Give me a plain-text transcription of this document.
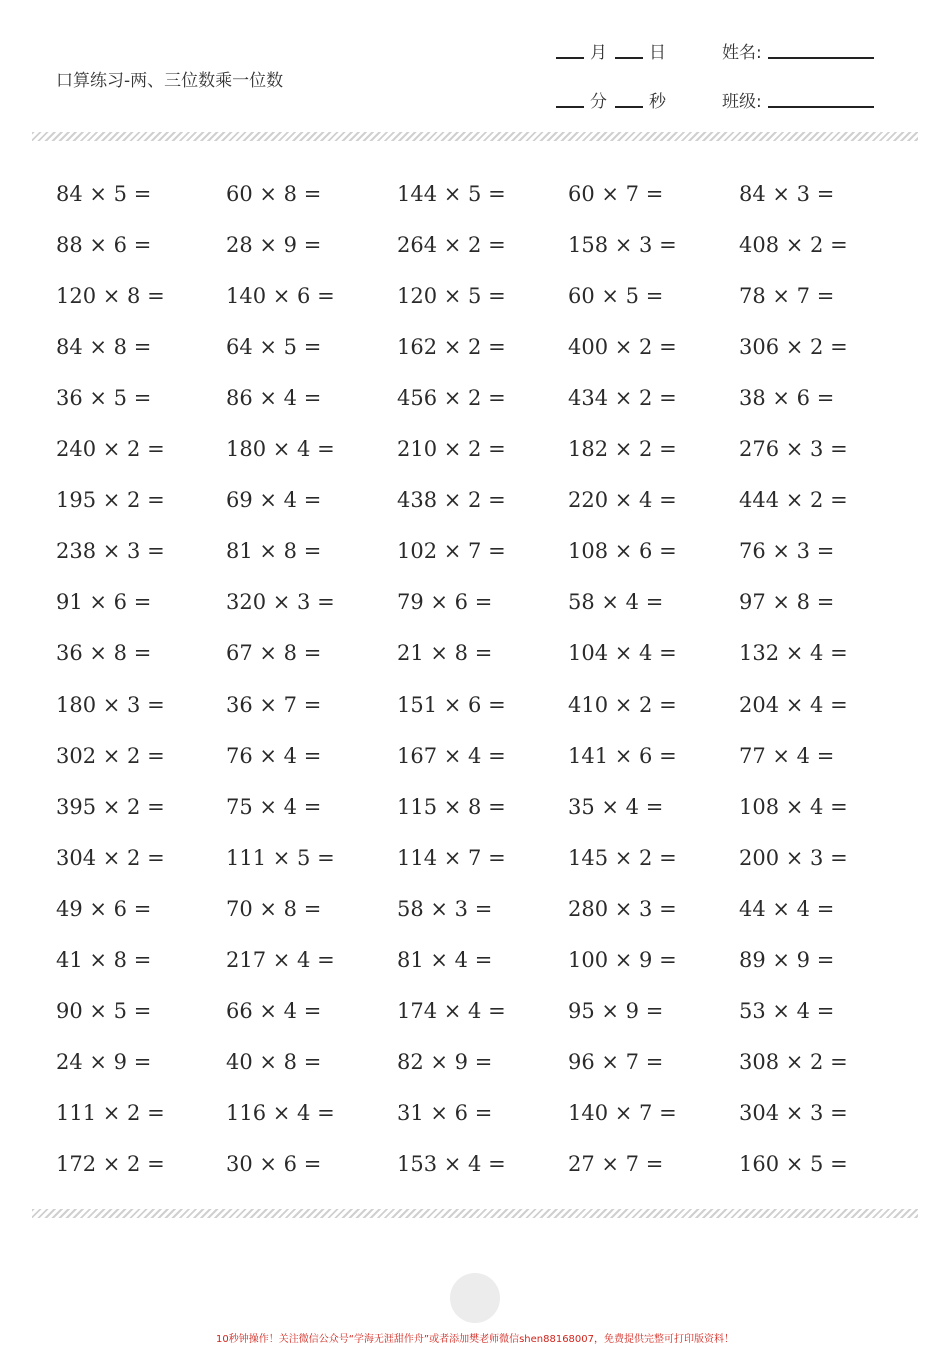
口算练习-两、三位数乘一位数
月 日	姓名:
分 秒	班级:
84 × 5 =	60 × 8 =	144 × 5 =	60 × 7 =	84 × 3 =
88 × 6 =	28 × 9 =	264 × 2 =	158 × 3 =	408 × 2 =
120 × 8 =	140 × 6 =	120 × 5 =	60 × 5 =	78 × 7 =
84 × 8 =	64 × 5 =	162 × 2 =	400 × 2 =	306 × 2 =
36 × 5 =	86 × 4 =	456 × 2 =	434 × 2 =	38 × 6 =
240 × 2 =	180 × 4 =	210 × 2 =	182 × 2 =	276 × 3 =
195 × 2 =	69 × 4 =	438 × 2 =	220 × 4 =	444 × 2 =
238 × 3 =	81 × 8 =	102 × 7 =	108 × 6 =	76 × 3 =
91 × 6 =	320 × 3 =	79 × 6 =	58 × 4 =	97 × 8 =
36 × 8 =	67 × 8 =	21 × 8 =	104 × 4 =	132 × 4 =
180 × 3 =	36 × 7 =	151 × 6 =	410 × 2 =	204 × 4 =
302 × 2 =	76 × 4 =	167 × 4 =	141 × 6 =	77 × 4 =
395 × 2 =	75 × 4 =	115 × 8 =	35 × 4 =	108 × 4 =
304 × 2 =	111 × 5 =	114 × 7 =	145 × 2 =	200 × 3 =
49 × 6 =	70 × 8 =	58 × 3 =	280 × 3 =	44 × 4 =
41 × 8 =	217 × 4 =	81 × 4 =	100 × 9 =	89 × 9 =
90 × 5 =	66 × 4 =	174 × 4 =	95 × 9 =	53 × 4 =
24 × 9 =	40 × 8 =	82 × 9 =	96 × 7 =	308 × 2 =
111 × 2 =	116 × 4 =	31 × 6 =	140 × 7 =	304 × 3 =
172 × 2 =	30 × 6 =	153 × 4 =	27 × 7 =	160 × 5 =
10秒钟操作！关注微信公众号“学海无涯甜作舟”或者添加樊老师微信shen88168007，免费提供完整可打印版资料！
